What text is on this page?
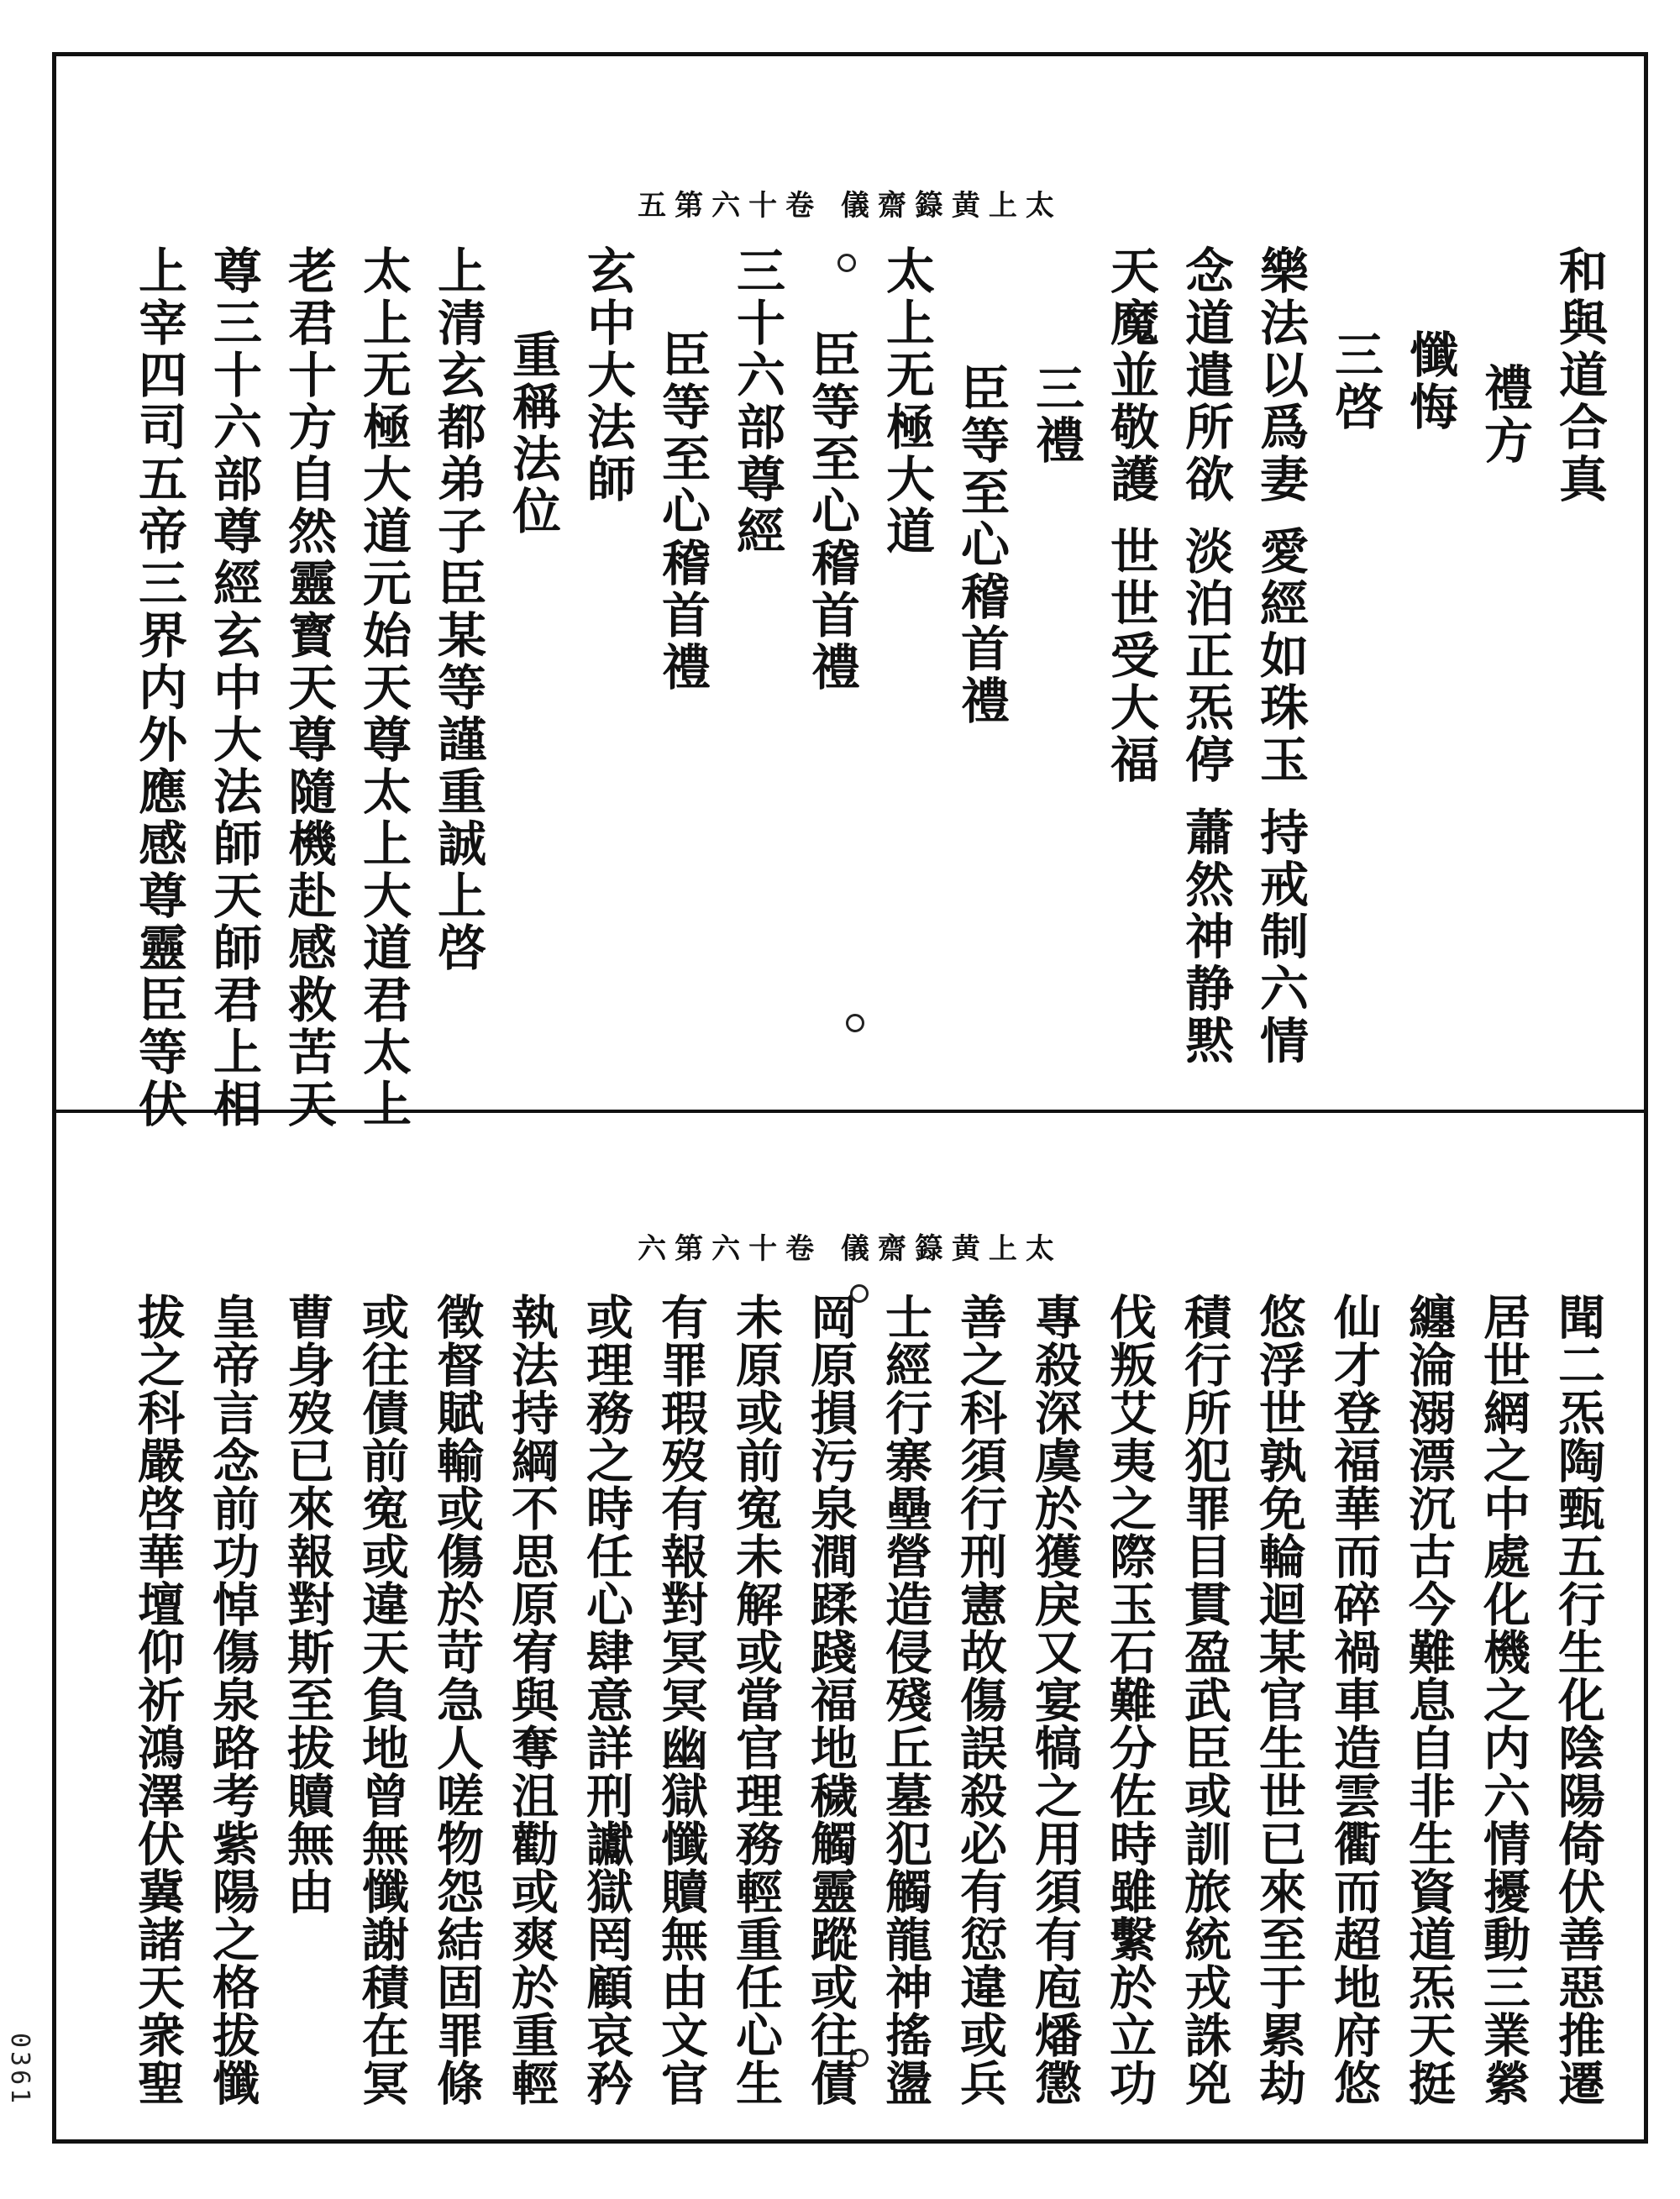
太上黄籙齋儀 卷十六第五
和與道合真
禮方
懺悔
三啓
樂法以爲妻 愛經如珠玉 持戒制六情
念道遣所欲 淡泊正炁停 蕭然神静黙
天魔並敬護 世世受大福
三禮
臣等至心稽首禮
太上无極大道
臣等至心稽首禮
三十六部尊經
臣等至心稽首禮
玄中大法師
重稱法位
上清玄都弟子臣某等謹重誠上啓
太上无極大道元始天尊太上大道君太上
老君十方自然靈寳天尊隨機赴感救苦天
尊三十六部尊經玄中大法師天師君上相
上宰四司五帝三界内外應感尊靈臣等伏
太上黄籙齋儀 卷十六第六
聞二炁陶甄五行生化陰陽倚伏善惡推遷
居世網之中處化機之内六情擾動三業縈
纏淪溺漂沉古今難息自非生資道炁天挺
仙才登福華而碎禍車造雲衢而超地府悠
悠浮世孰免輪迴某官生世已來至于累劫
積行所犯罪目貫盈武臣或訓旅統戎誅兇
伐叛艾夷之際玉石難分佐時雖繫於立功
專殺深虞於獲戾又宴犒之用須有庖燔懲
善之科須行刑憲故傷誤殺必有愆違或兵
士經行寨壘營造侵殘丘墓犯觸龍神搖盪
岡原損污泉澗蹂踐福地穢觸靈蹤或往債
未原或前寃未解或當官理務輕重任心生
有罪瑕歿有報對冥冥幽獄懺贖無由文官
或理務之時任心肆意詳刑讞獄罔顧哀矜
執法持綱不思原宥與奪沮勸或爽於重輕
徵督賦輸或傷於苛急人嗟物怨結固罪條
或往債前寃或違天負地曾無懺謝積在冥
曹身歿已來報對斯至拔贖無由
皇帝言念前功悼傷泉路考紫陽之格拔懺
拔之科嚴啓華壇仰祈鴻澤伏冀諸天衆聖
0361
